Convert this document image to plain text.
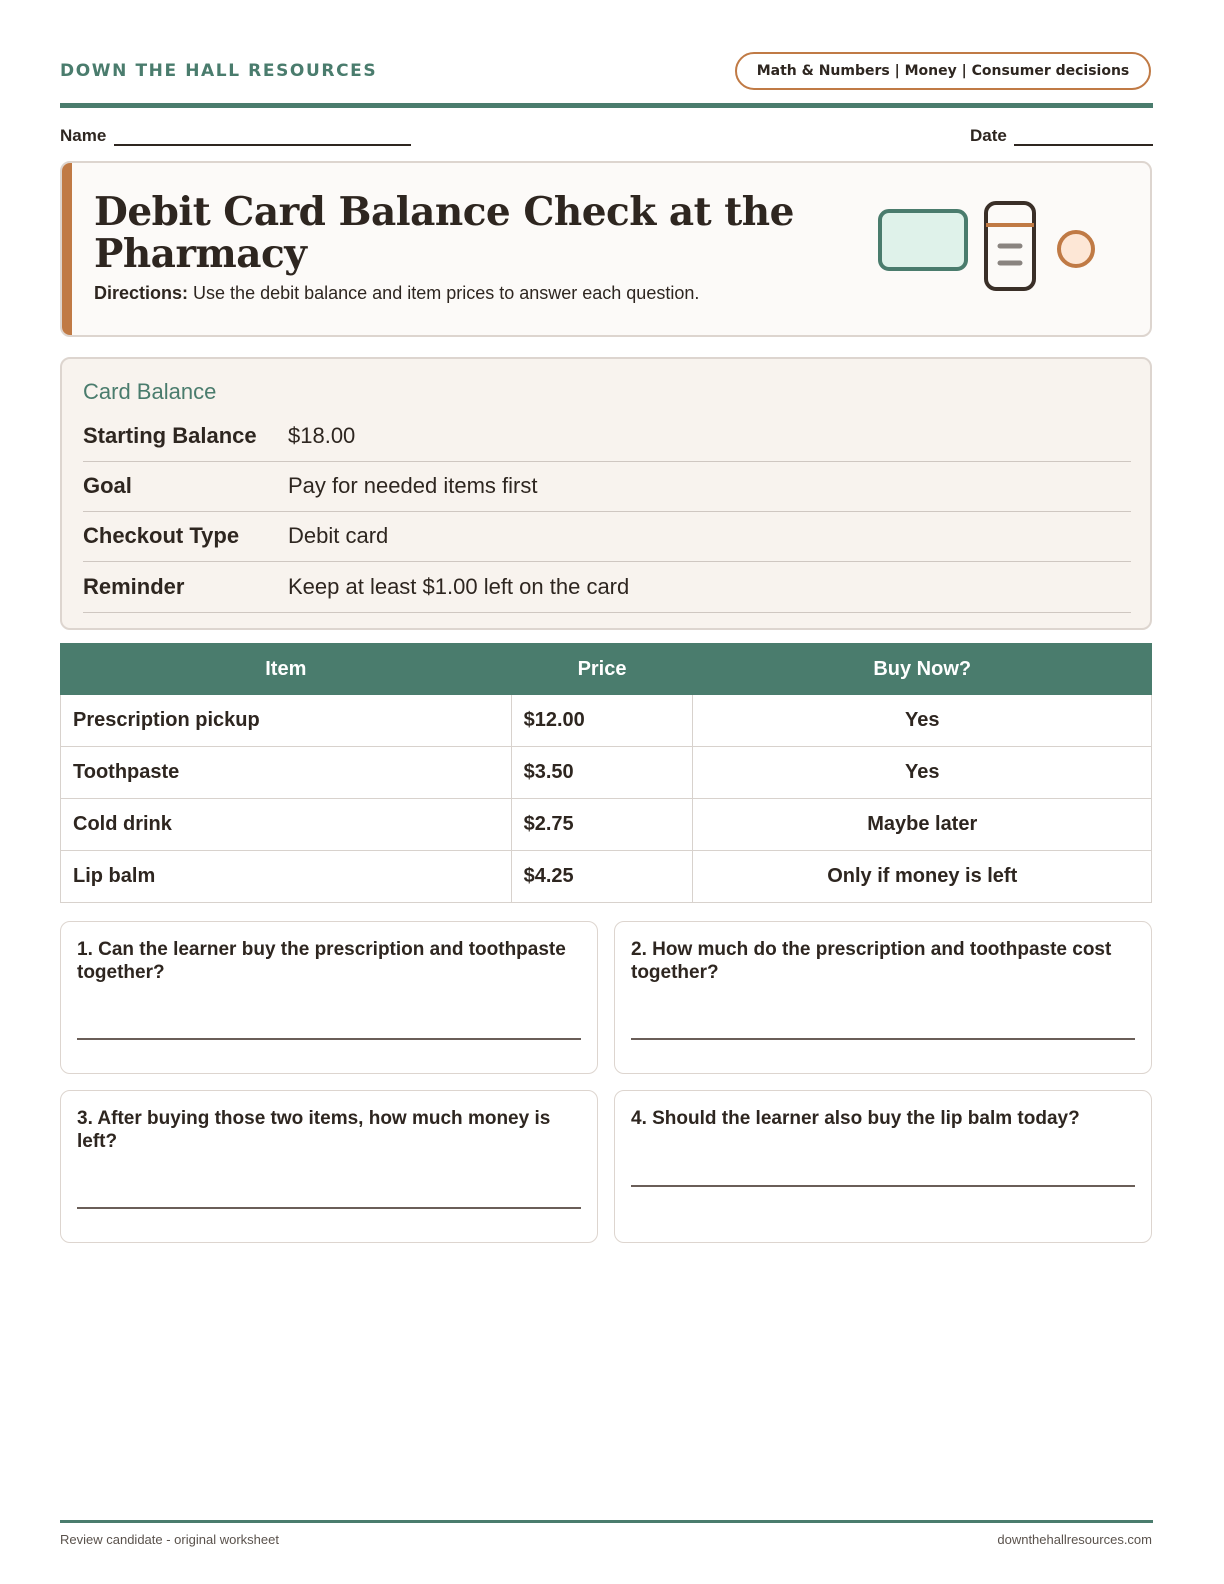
DOWN THE HALL RESOURCES	Math & Numbers | Money | Consumer decisions
Name	Date
Debit Card Balance Check at the Pharmacy
Directions: Use the debit balance and item prices to answer each question.
Card Balance
Starting Balance $18.00
Goal	Pay for needed items first
Checkout Type Debit card
Reminder	Keep at least $1.00 left on the card
Item	Price	Buy Now?
Prescription pickup	$12.00	Yes
Toothpaste	$3.50	Yes
Cold drink	$2.75	Maybe later
Lip balm	$4.25	Only if money is left
1. Can the learner buy the prescription and toothpaste together?
2. How much do the prescription and toothpaste cost together?
3. After buying those two items, how much money is left?
4. Should the learner also buy the lip balm today?
Review candidate - original worksheet	downthehallresources.com
